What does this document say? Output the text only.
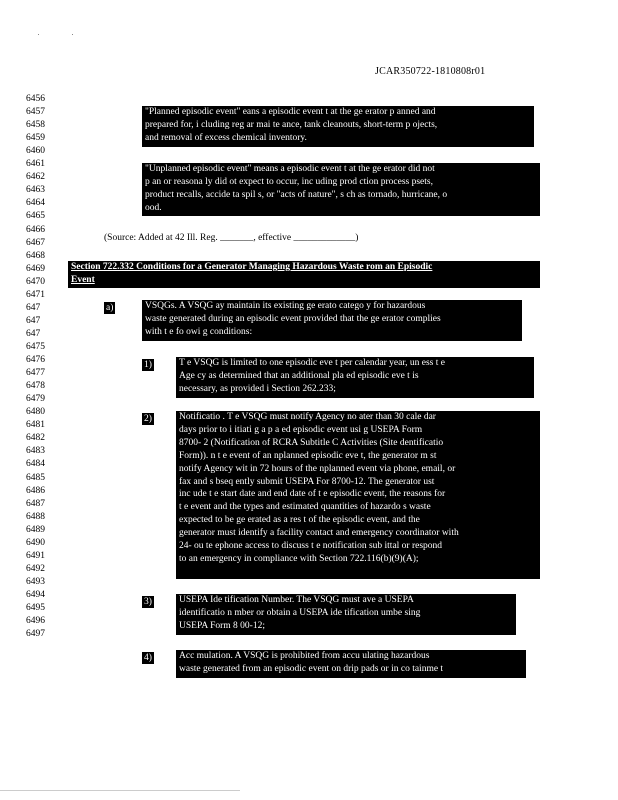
JCAR350722-1810808r01
6456
6457
6458
6459
6460
6461
6462
6463
6464
6465
6466
6467
6468
6469
6470
6471
647
647
647
6475
6476
6477
6478
6479
6480
6481
6482
6483
6484
6485
6486
6487
6488
6489
6490
6491
6492
6493
6494
6495
6496
6497
"Planned episodic event" eans a episodic event t at the ge erator p anned and
prepared for, i cluding reg ar mai te ance, tank cleanouts, short-term p ojects,
and removal of excess chemical inventory.
"Unplanned episodic event" means a episodic event t at the ge erator did not
p an or reasona ly did ot expect to occur, inc uding prod ction process psets,
product recalls, accide ta spil s, or "acts of nature", s ch as tornado, hurricane, o
ood.
(Source: Added at 42 Ill. Reg. _______, effective _____________)
Section 722.332 Conditions for a Generator Managing Hazardous Waste rom an Episodic
Event
a)	VSQGs. A VSQG ay maintain its existing ge erato catego y for hazardous
waste generated during an episodic event provided that the ge erator complies
with t e fo owi g conditions:
1)	T e VSQG is limited to one episodic eve t per calendar year, un ess t e
Age cy as determined that an additional pla ed episodic eve t is
necessary, as provided i Section 262.233;
2)	Notificatio . T e VSQG must notify Agency no ater than 30 cale dar
days prior to i itiati g a p a ed episodic event usi g USEPA Form
8700- 2 (Notification of RCRA Subtitle C Activities (Site dentificatio
Form)). n t e event of an nplanned episodic eve t, the generator m st
notify Agency wit in 72 hours of the nplanned event via phone, email, or
fax and s bseq ently submit USEPA For 8700-12. The generator ust
inc ude t e start date and end date of t e episodic event, the reasons for
t e event and the types and estimated quantities of hazardo s waste
expected to be ge erated as a res t of the episodic event, and the
generator must identify a facility contact and emergency coordinator with
24- ou te ephone access to discuss t e notification sub ittal or respond
to an emergency in compliance with Section 722.116(b)(9)(A);
3)	USEPA Ide tification Number. The VSQG must ave a USEPA
identificatio n mber or obtain a USEPA ide tification umbe sing
USEPA Form 8 00-12;
4)	Acc mulation. A VSQG is prohibited from accu ulating hazardous
waste generated from an episodic event on drip pads or in co tainme t
